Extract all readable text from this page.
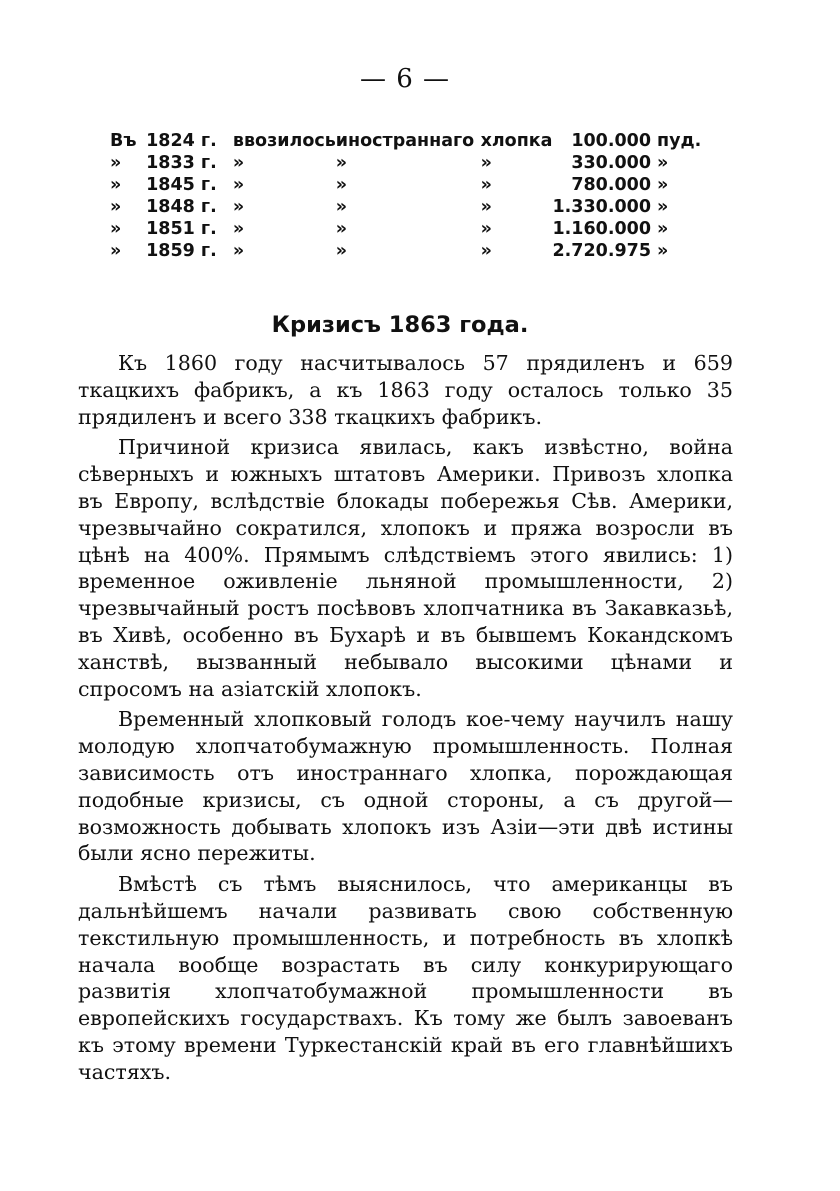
— 6 —
Въ	1824 г.	ввозилось	иностраннаго	хлопка	100.000	пуд.
»	1833 г.	»	»	»	330.000	»
»	1845 г.	»	»	»	780.000	»
»	1848 г.	»	»	»	1.330.000	»
»	1851 г.	»	»	»	1.160.000	»
»	1859 г.	»	»	»	2.720.975	»
Кризисъ 1863 года.

Къ 1860 году насчитывалось 57 прядиленъ и 659 ткацкихъ фабрикъ, а къ 1863 году осталось только 35 прядиленъ и всего 338 ткацкихъ фабрикъ.

Причиной кризиса явилась, какъ извѣстно, война сѣверныхъ и южныхъ штатовъ Америки. Привозъ хлопка въ Европу, вслѣдствіе блокады побережья Сѣв. Америки, чрезвычайно сократился, хлопокъ и пряжа возросли въ цѣнѣ на 400%. Прямымъ слѣдствіемъ этого явились: 1) временное оживленіе льняной промышленности, 2) чрезвычайный ростъ посѣвовъ хлопчатника въ Закавказьѣ, въ Хивѣ, особенно въ Бухарѣ и въ бывшемъ Кокандскомъ ханствѣ, вызванный небывало высокими цѣнами и спросомъ на азіатскій хлопокъ.

Временный хлопковый голодъ кое-чему научилъ нашу молодую хлопчатобумажную промышленность. Полная зависимость отъ иностраннаго хлопка, порождающая подобные кризисы, съ одной стороны, а съ другой—возможность добывать хлопокъ изъ Азіи—эти двѣ истины были ясно пережиты.

Вмѣстѣ съ тѣмъ выяснилось, что американцы въ дальнѣйшемъ начали развивать свою собственную текстильную промышленность, и потребность въ хлопкѣ начала вообще возрастать въ силу конкурирующаго развитія хлопчатобумажной промышленности въ европейскихъ государствахъ. Къ тому же былъ завоеванъ къ этому времени Туркестанскій край въ его главнѣйшихъ частяхъ.
